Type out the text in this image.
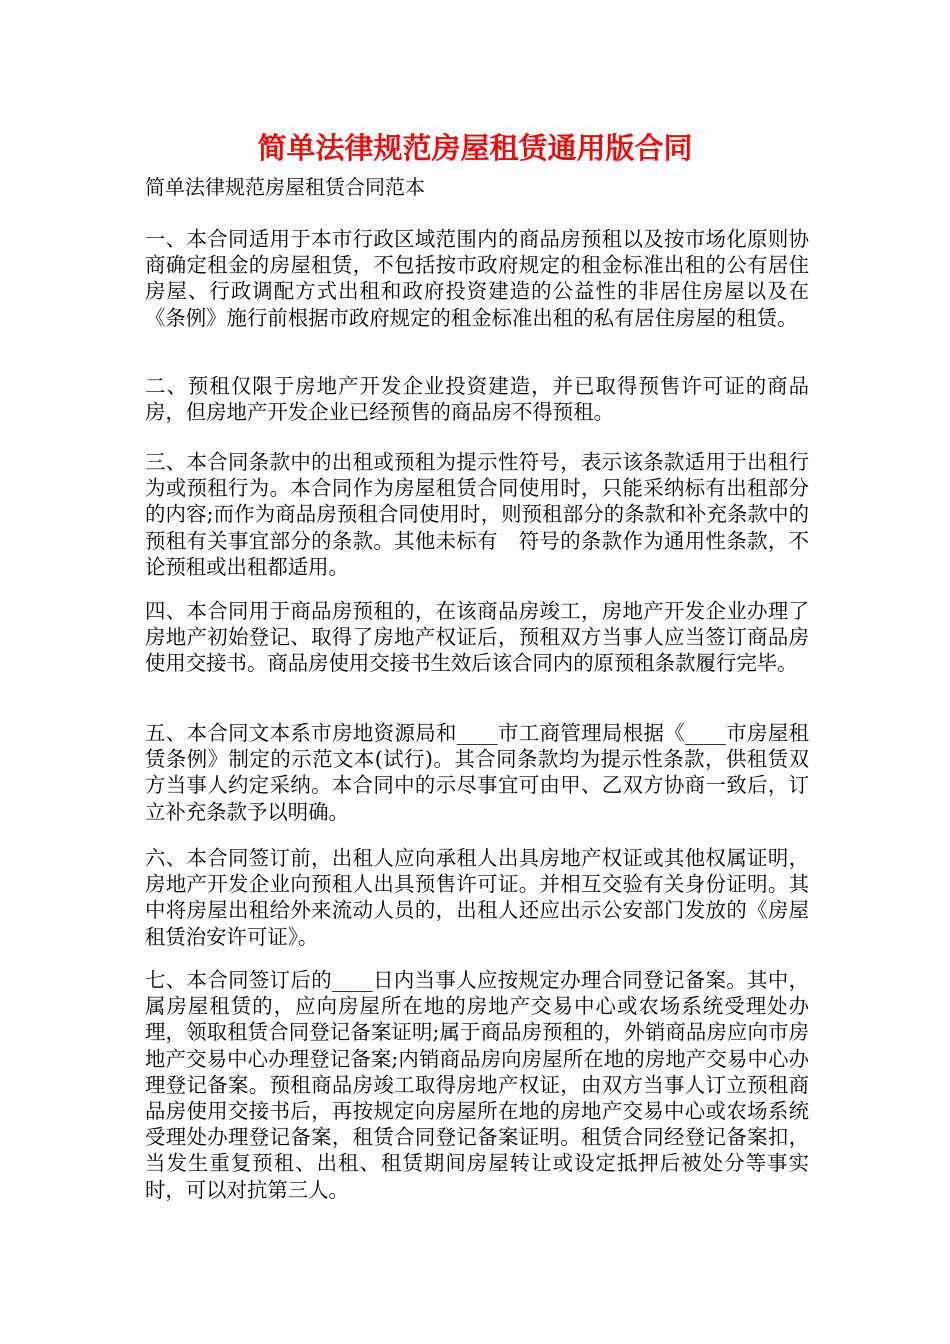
简单法律规范房屋租赁通用版合同
简单法律规范房屋租赁合同范本

一、本合同适用于本市行政区域范围内的商品房预租以及按市场化原则协商确定租金的房屋租赁，不包括按市政府规定的租金标准出租的公有居住房屋、行政调配方式出租和政府投资建造的公益性的非居住房屋以及在《条例》施行前根据市政府规定的租金标准出租的私有居住房屋的租赁。

二、预租仅限于房地产开发企业投资建造，并已取得预售许可证的商品房，但房地产开发企业已经预售的商品房不得预租。

三、本合同条款中的出租或预租为提示性符号，表示该条款适用于出租行为或预租行为。本合同作为房屋租赁合同使用时，只能采纳标有出租部分的内容;而作为商品房预租合同使用时，则预租部分的条款和补充条款中的预租有关事宜部分的条款。其他未标有　符号的条款作为通用性条款，不论预租或出租都适用。

四、本合同用于商品房预租的，在该商品房竣工，房地产开发企业办理了房地产初始登记、取得了房地产权证后，预租双方当事人应当签订商品房使用交接书。商品房使用交接书生效后该合同内的原预租条款履行完毕。

五、本合同文本系市房地资源局和____市工商管理局根据《____市房屋租赁条例》制定的示范文本(试行)。其合同条款均为提示性条款，供租赁双方当事人约定采纳。本合同中的示尽事宜可由甲、乙双方协商一致后，订立补充条款予以明确。

六、本合同签订前，出租人应向承租人出具房地产权证或其他权属证明，房地产开发企业向预租人出具预售许可证。并相互交验有关身份证明。其中将房屋出租给外来流动人员的，出租人还应出示公安部门发放的《房屋租赁治安许可证》。

七、本合同签订后的____日内当事人应按规定办理合同登记备案。其中，属房屋租赁的，应向房屋所在地的房地产交易中心或农场系统受理处办理，领取租赁合同登记备案证明;属于商品房预租的，外销商品房应向市房地产交易中心办理登记备案;内销商品房向房屋所在地的房地产交易中心办理登记备案。预租商品房竣工取得房地产权证，由双方当事人订立预租商品房使用交接书后，再按规定向房屋所在地的房地产交易中心或农场系统受理处办理登记备案，租赁合同登记备案证明。租赁合同经登记备案扣，当发生重复预租、出租、租赁期间房屋转让或设定抵押后被处分等事实时，可以对抗第三人。
